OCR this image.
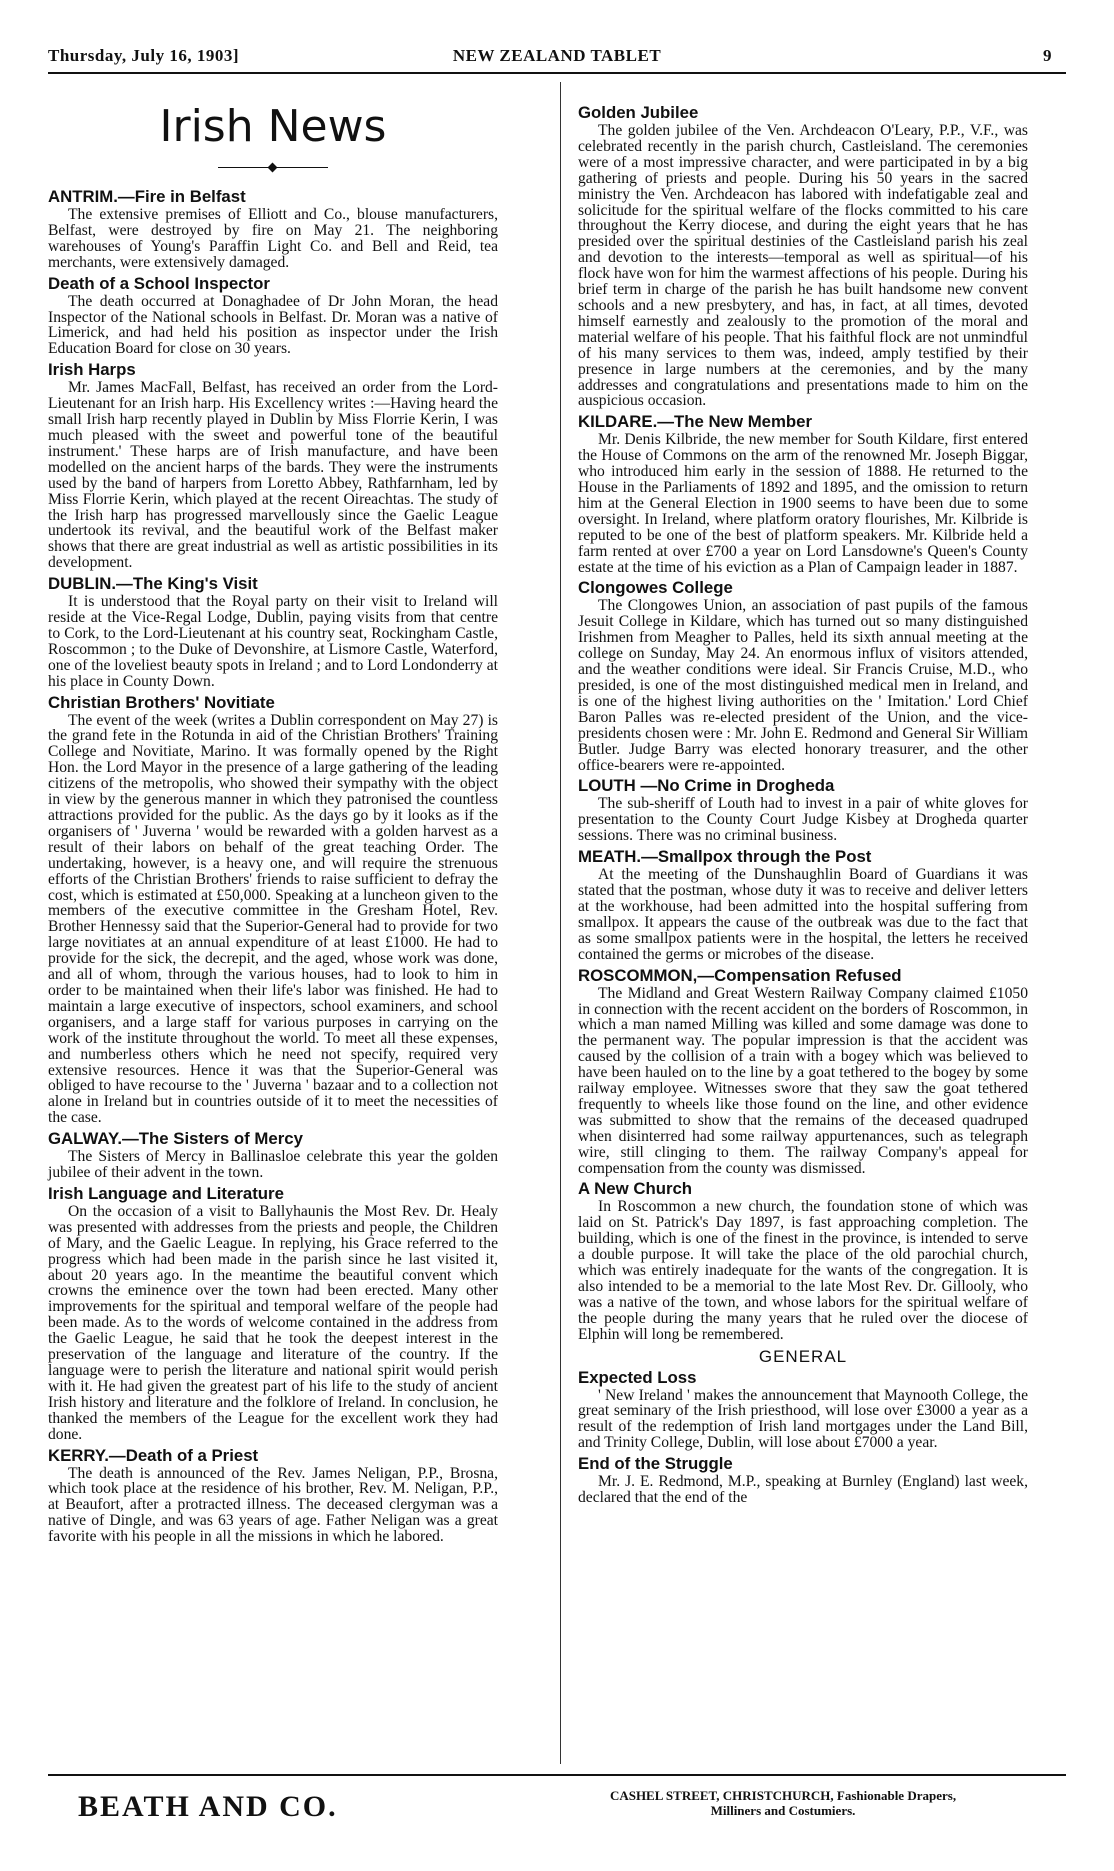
Thursday, July 16, 1903]	NEW ZEALAND TABLET	9
Irish News
ANTRIM.—Fire in Belfast

The extensive premises of Elliott and Co., blouse manufacturers, Belfast, were destroyed by fire on May 21. The neighboring warehouses of Young's Paraffin Light Co. and Bell and Reid, tea merchants, were extensively damaged.

Death of a School Inspector

The death occurred at Donaghadee of Dr John Moran, the head Inspector of the National schools in Belfast. Dr. Moran was a native of Limerick, and had held his position as inspector under the Irish Education Board for close on 30 years.

Irish Harps

Mr. James MacFall, Belfast, has received an order from the Lord-Lieutenant for an Irish harp. His Excellency writes :—Having heard the small Irish harp recently played in Dublin by Miss Florrie Kerin, I was much pleased with the sweet and powerful tone of the beautiful instrument.' These harps are of Irish manufacture, and have been modelled on the ancient harps of the bards. They were the instruments used by the band of harpers from Loretto Abbey, Rathfarnham, led by Miss Florrie Kerin, which played at the recent Oireachtas. The study of the Irish harp has progressed marvellously since the Gaelic League undertook its revival, and the beautiful work of the Belfast maker shows that there are great industrial as well as artistic possibilities in its development.

DUBLIN.—The King's Visit

It is understood that the Royal party on their visit to Ireland will reside at the Vice-Regal Lodge, Dublin, paying visits from that centre to Cork, to the Lord-Lieutenant at his country seat, Rockingham Castle, Roscommon ; to the Duke of Devonshire, at Lismore Castle, Waterford, one of the loveliest beauty spots in Ireland ; and to Lord Londonderry at his place in County Down.

Christian Brothers' Novitiate

The event of the week (writes a Dublin correspondent on May 27) is the grand fete in the Rotunda in aid of the Christian Brothers' Training College and Novitiate, Marino. It was formally opened by the Right Hon. the Lord Mayor in the presence of a large gathering of the leading citizens of the metropolis, who showed their sympathy with the object in view by the generous manner in which they patronised the countless attractions provided for the public. As the days go by it looks as if the organisers of ' Juverna ' would be rewarded with a golden harvest as a result of their labors on behalf of the great teaching Order. The undertaking, however, is a heavy one, and will require the strenuous efforts of the Christian Brothers' friends to raise sufficient to defray the cost, which is estimated at £50,000. Speaking at a luncheon given to the members of the executive committee in the Gresham Hotel, Rev. Brother Hennessy said that the Superior-General had to provide for two large novitiates at an annual expenditure of at least £1000. He had to provide for the sick, the decrepit, and the aged, whose work was done, and all of whom, through the various houses, had to look to him in order to be maintained when their life's labor was finished. He had to maintain a large executive of inspectors, school examiners, and school organisers, and a large staff for various purposes in carrying on the work of the institute throughout the world. To meet all these expenses, and numberless others which he need not specify, required very extensive resources. Hence it was that the Superior-General was obliged to have recourse to the ' Juverna ' bazaar and to a collection not alone in Ireland but in countries outside of it to meet the necessities of the case.

GALWAY.—The Sisters of Mercy

The Sisters of Mercy in Ballinasloe celebrate this year the golden jubilee of their advent in the town.

Irish Language and Literature

On the occasion of a visit to Ballyhaunis the Most Rev. Dr. Healy was presented with addresses from the priests and people, the Children of Mary, and the Gaelic League. In replying, his Grace referred to the progress which had been made in the parish since he last visited it, about 20 years ago. In the meantime the beautiful convent which crowns the eminence over the town had been erected. Many other improvements for the spiritual and temporal welfare of the people had been made. As to the words of welcome contained in the address from the Gaelic League, he said that he took the deepest interest in the preservation of the language and literature of the country. If the language were to perish the literature and national spirit would perish with it. He had given the greatest part of his life to the study of ancient Irish history and literature and the folklore of Ireland. In conclusion, he thanked the members of the League for the excellent work they had done.

KERRY.—Death of a Priest

The death is announced of the Rev. James Neligan, P.P., Brosna, which took place at the residence of his brother, Rev. M. Neligan, P.P., at Beaufort, after a protracted illness. The deceased clergyman was a native of Dingle, and was 63 years of age. Father Neligan was a great favorite with his people in all the missions in which he labored.

Golden Jubilee

The golden jubilee of the Ven. Archdeacon O'Leary, P.P., V.F., was celebrated recently in the parish church, Castleisland. The ceremonies were of a most impressive character, and were participated in by a big gathering of priests and people. During his 50 years in the sacred ministry the Ven. Archdeacon has labored with indefatigable zeal and solicitude for the spiritual welfare of the flocks committed to his care throughout the Kerry diocese, and during the eight years that he has presided over the spiritual destinies of the Castleisland parish his zeal and devotion to the interests—temporal as well as spiritual—of his flock have won for him the warmest affections of his people. During his brief term in charge of the parish he has built handsome new convent schools and a new presbytery, and has, in fact, at all times, devoted himself earnestly and zealously to the promotion of the moral and material welfare of his people. That his faithful flock are not unmindful of his many services to them was, indeed, amply testified by their presence in large numbers at the ceremonies, and by the many addresses and congratulations and presentations made to him on the auspicious occasion.

KILDARE.—The New Member

Mr. Denis Kilbride, the new member for South Kildare, first entered the House of Commons on the arm of the renowned Mr. Joseph Biggar, who introduced him early in the session of 1888. He returned to the House in the Parliaments of 1892 and 1895, and the omission to return him at the General Election in 1900 seems to have been due to some oversight. In Ireland, where platform oratory flourishes, Mr. Kilbride is reputed to be one of the best of platform speakers. Mr. Kilbride held a farm rented at over £700 a year on Lord Lansdowne's Queen's County estate at the time of his eviction as a Plan of Campaign leader in 1887.

Clongowes College

The Clongowes Union, an association of past pupils of the famous Jesuit College in Kildare, which has turned out so many distinguished Irishmen from Meagher to Palles, held its sixth annual meeting at the college on Sunday, May 24. An enormous influx of visitors attended, and the weather conditions were ideal. Sir Francis Cruise, M.D., who presided, is one of the most distinguished medical men in Ireland, and is one of the highest living authorities on the ' Imitation.' Lord Chief Baron Palles was re-elected president of the Union, and the vice-presidents chosen were : Mr. John E. Redmond and General Sir William Butler. Judge Barry was elected honorary treasurer, and the other office-bearers were re-appointed.

LOUTH —No Crime in Drogheda

The sub-sheriff of Louth had to invest in a pair of white gloves for presentation to the County Court Judge Kisbey at Drogheda quarter sessions. There was no criminal business.

MEATH.—Smallpox through the Post

At the meeting of the Dunshaughlin Board of Guardians it was stated that the postman, whose duty it was to receive and deliver letters at the workhouse, had been admitted into the hospital suffering from smallpox. It appears the cause of the outbreak was due to the fact that as some smallpox patients were in the hospital, the letters he received contained the germs or microbes of the disease.

ROSCOMMON,—Compensation Refused

The Midland and Great Western Railway Company claimed £1050 in connection with the recent accident on the borders of Roscommon, in which a man named Milling was killed and some damage was done to the permanent way. The popular impression is that the accident was caused by the collision of a train with a bogey which was believed to have been hauled on to the line by a goat tethered to the bogey by some railway employee. Witnesses swore that they saw the goat tethered frequently to wheels like those found on the line, and other evidence was submitted to show that the remains of the deceased quadruped when disinterred had some railway appurtenances, such as telegraph wire, still clinging to them. The railway Company's appeal for compensation from the county was dismissed.

A New Church

In Roscommon a new church, the foundation stone of which was laid on St. Patrick's Day 1897, is fast approaching completion. The building, which is one of the finest in the province, is intended to serve a double purpose. It will take the place of the old parochial church, which was entirely inadequate for the wants of the congregation. It is also intended to be a memorial to the late Most Rev. Dr. Gillooly, who was a native of the town, and whose labors for the spiritual welfare of the people during the many years that he ruled over the diocese of Elphin will long be remembered.

GENERAL
Expected Loss

' New Ireland ' makes the announcement that Maynooth College, the great seminary of the Irish priesthood, will lose over £3000 a year as a result of the redemption of Irish land mortgages under the Land Bill, and Trinity College, Dublin, will lose about £7000 a year.

End of the Struggle

Mr. J. E. Redmond, M.P., speaking at Burnley (England) last week, declared that the end of the

BEATH AND CO.	CASHEL STREET, CHRISTCHURCH, Fashionable Drapers,
Milliners and Costumiers.
